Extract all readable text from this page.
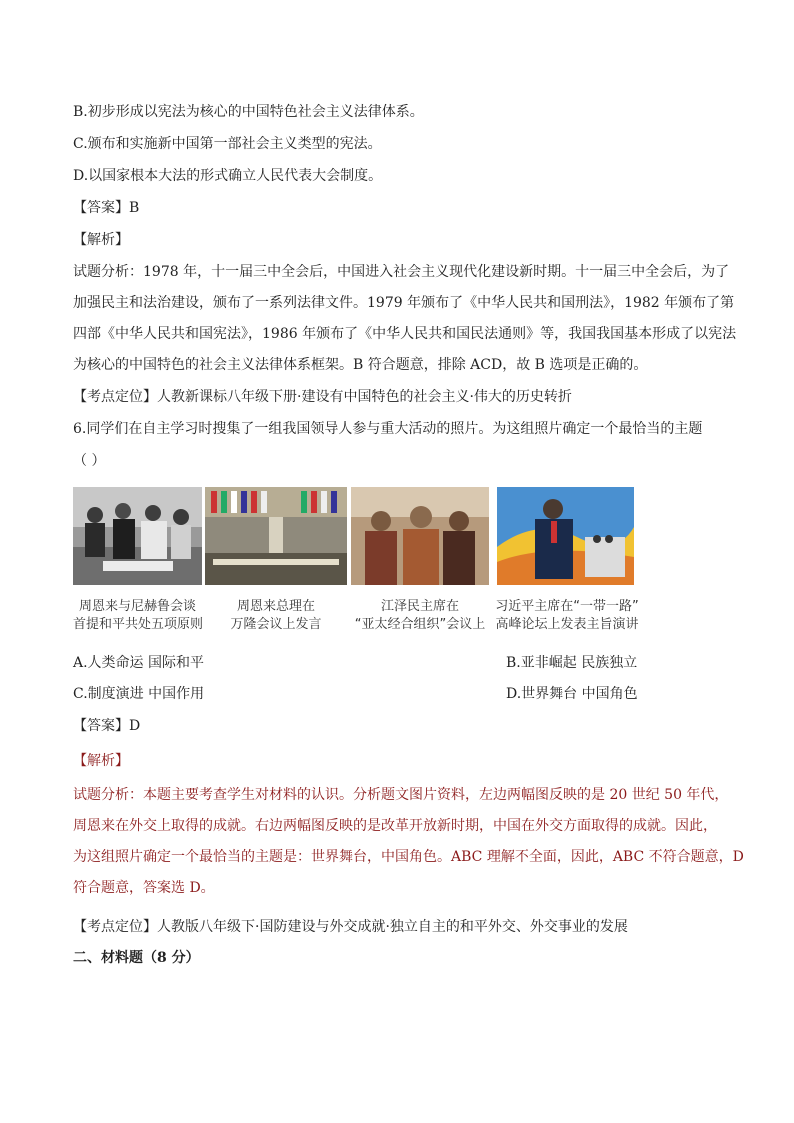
B.初步形成以宪法为核心的中国特色社会主义法律体系。
C.颁布和实施新中国第一部社会主义类型的宪法。
D.以国家根本大法的形式确立人民代表大会制度。
【答案】B
【解析】
试题分析：1978 年，十一届三中全会后，中国进入社会主义现代化建设新时期。十一届三中全会后，为了
加强民主和法治建设，颁布了一系列法律文件。1979 年颁布了《中华人民共和国刑法》，1982 年颁布了第
四部《中华人民共和国宪法》，1986 年颁布了《中华人民共和国民法通则》等，我国我国基本形成了以宪法
为核心的中国特色的社会主义法律体系框架。B 符合题意，排除 ACD，故 B 选项是正确的。
【考点定位】人教新课标八年级下册·建设有中国特色的社会主义·伟大的历史转折
6.同学们在自主学习时搜集了一组我国领导人参与重大活动的照片。为这组照片确定一个最恰当的主题
（ ）
周恩来与尼赫鲁会谈
首提和平共处五项原则
周恩来总理在
万隆会议上发言
江泽民主席在
“亚太经合组织”会议上
习近平主席在“一带一路”
高峰论坛上发表主旨演讲
A.人类命运 国际和平	B.亚非崛起 民族独立
C.制度演进 中国作用	D.世界舞台 中国角色
【答案】D
【解析】
试题分析：本题主要考查学生对材料的认识。分析题文图片资料，左边两幅图反映的是 20 世纪 50 年代，
周恩来在外交上取得的成就。右边两幅图反映的是改革开放新时期，中国在外交方面取得的成就。因此，
为这组照片确定一个最恰当的主题是：世界舞台，中国角色。ABC 理解不全面，因此，ABC 不符合题意，D
符合题意，答案选 D。
【考点定位】人教版八年级下·国防建设与外交成就·独立自主的和平外交、外交事业的发展
二、材料题（8 分）
